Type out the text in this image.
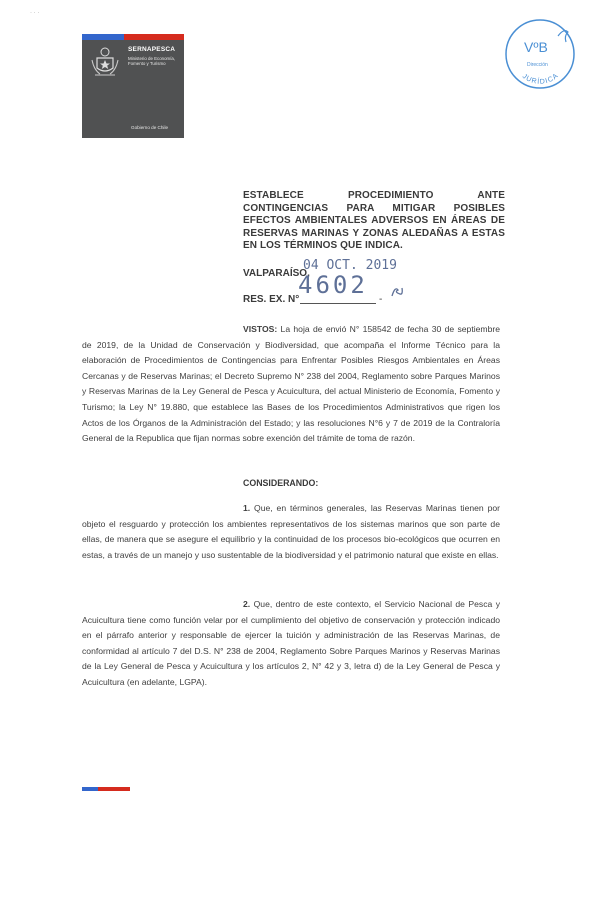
· · ·
SERNAPESCA
Ministerio de Economía, Fomento y Turismo
Gobierno de Chile
VºB
Dirección
JURÍDICA
ESTABLECE PROCEDIMIENTO ANTE CONTINGENCIAS PARA MITIGAR POSIBLES EFECTOS AMBIENTALES ADVERSOS EN ÁREAS DE RESERVAS MARINAS Y ZONAS ALEDAÑAS A ESTAS EN LOS TÉRMINOS QUE INDICA.
VALPARAÍSO,
04 OCT. 2019
RES. EX. N°
4602
-
VISTOS: La hoja de envió N° 158542 de fecha 30 de septiembre de 2019, de la Unidad de Conservación y Biodiversidad, que acompaña el Informe Técnico para la elaboración de Procedimientos de Contingencias para Enfrentar Posibles Riesgos Ambientales en Áreas Cercanas y de Reservas Marinas; el Decreto Supremo N° 238 del 2004, Reglamento sobre Parques Marinos y Reservas Marinas de la Ley General de Pesca y Acuicultura, del actual Ministerio de Economía, Fomento y Turismo; la Ley N° 19.880, que establece las Bases de los Procedimientos Administrativos que rigen los Actos de los Órganos de la Administración del Estado; y las resoluciones N°6 y 7 de 2019 de la Contraloría General de la Republica que fijan normas sobre exención del trámite de toma de razón.
CONSIDERANDO:
1. Que, en términos generales, las Reservas Marinas tienen por objeto el resguardo y protección los ambientes representativos de los sistemas marinos que son parte de ellas, de manera que se asegure el equilibrio y la continuidad de los procesos bio-ecológicos que ocurren en estas, a través de un manejo y uso sustentable de la biodiversidad y el patrimonio natural que existe en ellas.
2. Que, dentro de este contexto, el Servicio Nacional de Pesca y Acuicultura tiene como función velar por el cumplimiento del objetivo de conservación y protección indicado en el párrafo anterior y responsable de ejercer la tuición y administración de las Reservas Marinas, de conformidad al artículo 7 del D.S. N° 238 de 2004, Reglamento Sobre Parques Marinos y Reservas Marinas de la Ley General de Pesca y Acuicultura y los artículos 2, N° 42 y 3, letra d) de la Ley General de Pesca y Acuicultura (en adelante, LGPA).
